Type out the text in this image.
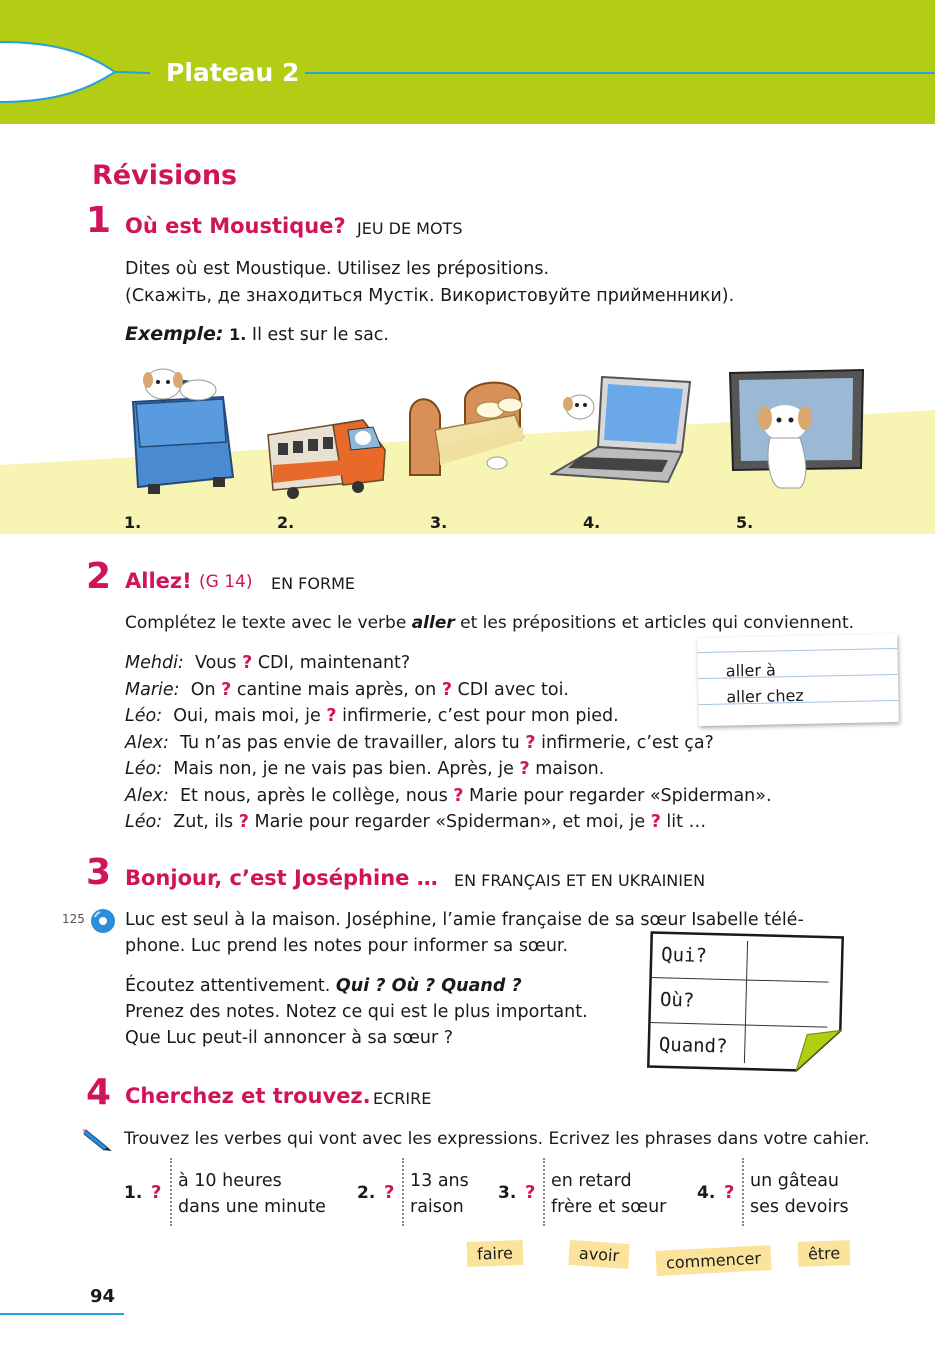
Plateau 2
Révisions
1 Où est Moustique? JEU DE MOTS
Dites où est Moustique. Utilisez les prépositions.
(Скажіть, де знаходиться Мустік. Використовуйте прийменники).
Exemple: 1. Il est sur le sac.
1.	2.	3.	4.	5.
2 Allez! (G 14) EN FORME
Complétez le texte avec le verbe aller et les prépositions et articles qui conviennent.
aller à
aller chez
Mehdi: Vous ? CDI, maintenant?
Marie: On ? cantine mais après, on ? CDI avec toi.
Léo: Oui, mais moi, je ? infirmerie, c’est pour mon pied.
Alex: Tu n’as pas envie de travailler, alors tu ? infirmerie, c’est ça?
Léo: Mais non, je ne vais pas bien. Après, je ? maison.
Alex: Et nous, après le collège, nous ? Marie pour regarder «Spiderman».
Léo: Zut, ils ? Marie pour regarder «Spiderman», et moi, je ? lit …
3 Bonjour, c’est Joséphine … EN FRANÇAIS ET EN UKRAINIEN
125 Luc est seul à la maison. Joséphine, l’amie française de sa sœur Isabelle télé-
phone. Luc prend les notes pour informer sa sœur.
Écoutez attentivement. Qui ? Où ? Quand ?
Prenez des notes. Notez ce qui est le plus important.
Que Luc peut-il annoncer à sa sœur ?
Qui?
Où?
Quand?
4 Cherchez et trouvez. ECRIRE
Trouvez les verbes qui vont avec les expressions. Ecrivez les phrases dans votre cahier.
1. ?
à 10 heures
dans une minute
2. ?
13 ans
raison
3. ?
en retard
frère et sœur
4. ?
un gâteau
ses devoirs
faire	avoir	commencer	être
94
